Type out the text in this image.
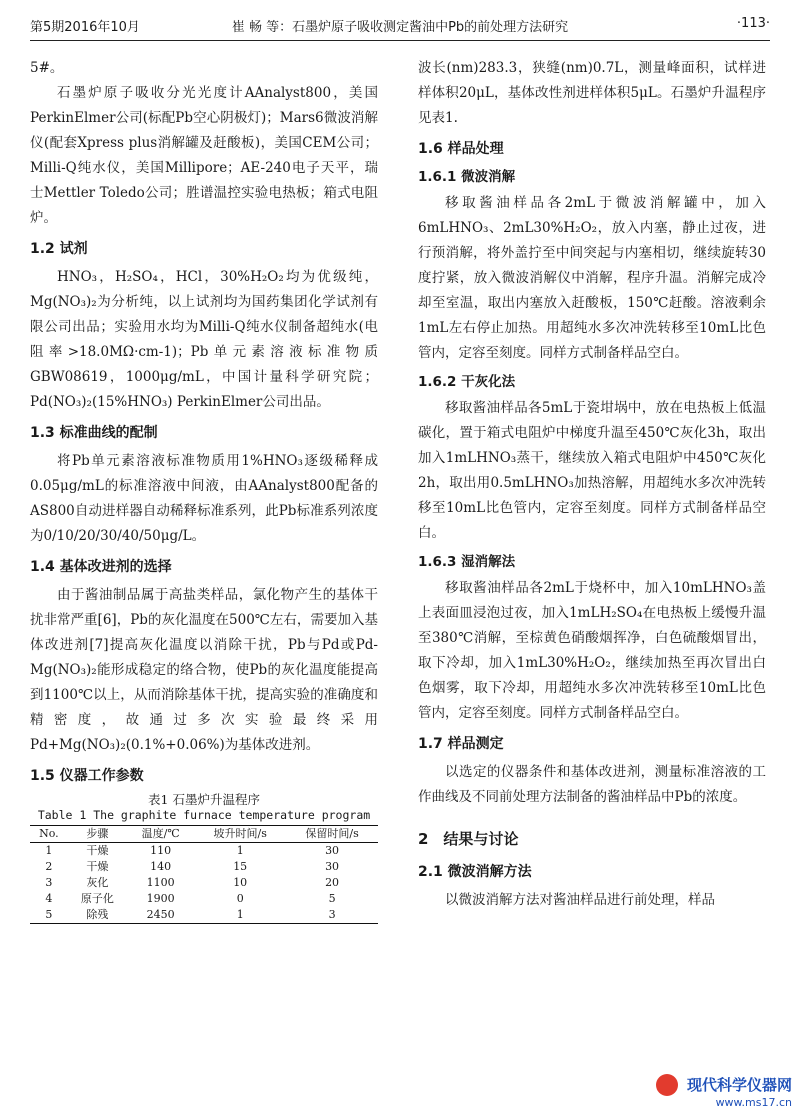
第5期2016年10月	崔 畅 等：石墨炉原子吸收测定酱油中Pb的前处理方法研究	·113·

5#。

石墨炉原子吸收分光光度计AAnalyst800，美国PerkinElmer公司(标配Pb空心阴极灯)；Mars6微波消解仪(配套Xpress plus消解罐及赶酸板)，美国CEM公司；Milli-Q纯水仪，美国Millipore；AE-240电子天平，瑞士Mettler Toledo公司；胜谱温控实验电热板；箱式电阻炉。

1.2 试剂

HNO₃，H₂SO₄，HCl，30%H₂O₂均为优级纯，Mg(NO₃)₂为分析纯，以上试剂均为国药集团化学试剂有限公司出品；实验用水均为Milli-Q纯水仪制备超纯水(电阻率>18.0MΩ·cm-1)；Pb单元素溶液标准物质GBW08619，1000μg/mL，中国计量科学研究院；Pd(NO₃)₂(15%HNO₃) PerkinElmer公司出品。

1.3 标准曲线的配制

将Pb单元素溶液标准物质用1%HNO₃逐级稀释成0.05μg/mL的标准溶液中间液，由AAnalyst800配备的AS800自动进样器自动稀释标准系列，此Pb标准系列浓度为0/10/20/30/40/50μg/L。

1.4 基体改进剂的选择

由于酱油制品属于高盐类样品，氯化物产生的基体干扰非常严重[6]，Pb的灰化温度在500℃左右，需要加入基体改进剂[7]提高灰化温度以消除干扰，Pb与Pd或Pd-Mg(NO₃)₂能形成稳定的络合物，使Pb的灰化温度能提高到1100℃以上，从而消除基体干扰，提高实验的准确度和精密度，故通过多次实验最终采用Pd+Mg(NO₃)₂(0.1%+0.06%)为基体改进剂。

1.5 仪器工作参数
表1 石墨炉升温程序
Table 1 The graphite furnace temperature program
No.	步骤	温度/℃	坡升时间/s	保留时间/s
1	干燥	110	1	30
2	干燥	140	15	30
3	灰化	1100	10	20
4	原子化	1900	0	5
5	除残	2450	1	3

波长(nm)283.3，狭缝(nm)0.7L，测量峰面积，试样进样体积20μL，基体改性剂进样体积5μL。石墨炉升温程序见表1.

1.6 样品处理
1.6.1 微波消解

移取酱油样品各2mL于微波消解罐中，加入6mLHNO₃、2mL30%H₂O₂，放入内塞，静止过夜，进行预消解，将外盖拧至中间突起与内塞相切，继续旋转30度拧紧，放入微波消解仪中消解，程序升温。消解完成冷却至室温，取出内塞放入赶酸板，150℃赶酸。溶液剩余1mL左右停止加热。用超纯水多次冲洗转移至10mL比色管内，定容至刻度。同样方式制备样品空白。

1.6.2 干灰化法

移取酱油样品各5mL于瓷坩埚中，放在电热板上低温碳化，置于箱式电阻炉中梯度升温至450℃灰化3h，取出加入1mLHNO₃蒸干，继续放入箱式电阻炉中450℃灰化2h，取出用0.5mLHNO₃加热溶解，用超纯水多次冲洗转移至10mL比色管内，定容至刻度。同样方式制备样品空白。

1.6.3 湿消解法

移取酱油样品各2mL于烧杯中，加入10mLHNO₃盖上表面皿浸泡过夜，加入1mLH₂SO₄在电热板上缓慢升温至380℃消解，至棕黄色硝酸烟挥净，白色硫酸烟冒出，取下冷却，加入1mL30%H₂O₂，继续加热至再次冒出白色烟雾，取下冷却，用超纯水多次冲洗转移至10mL比色管内，定容至刻度。同样方式制备样品空白。

1.7 样品测定

以选定的仪器条件和基体改进剂，测量标准溶液的工作曲线及不同前处理方法制备的酱油样品中Pb的浓度。

2　结果与讨论
2.1 微波消解方法

以微波消解方法对酱油样品进行前处理，样品

现代科学仪器网
www.ms17.cn
